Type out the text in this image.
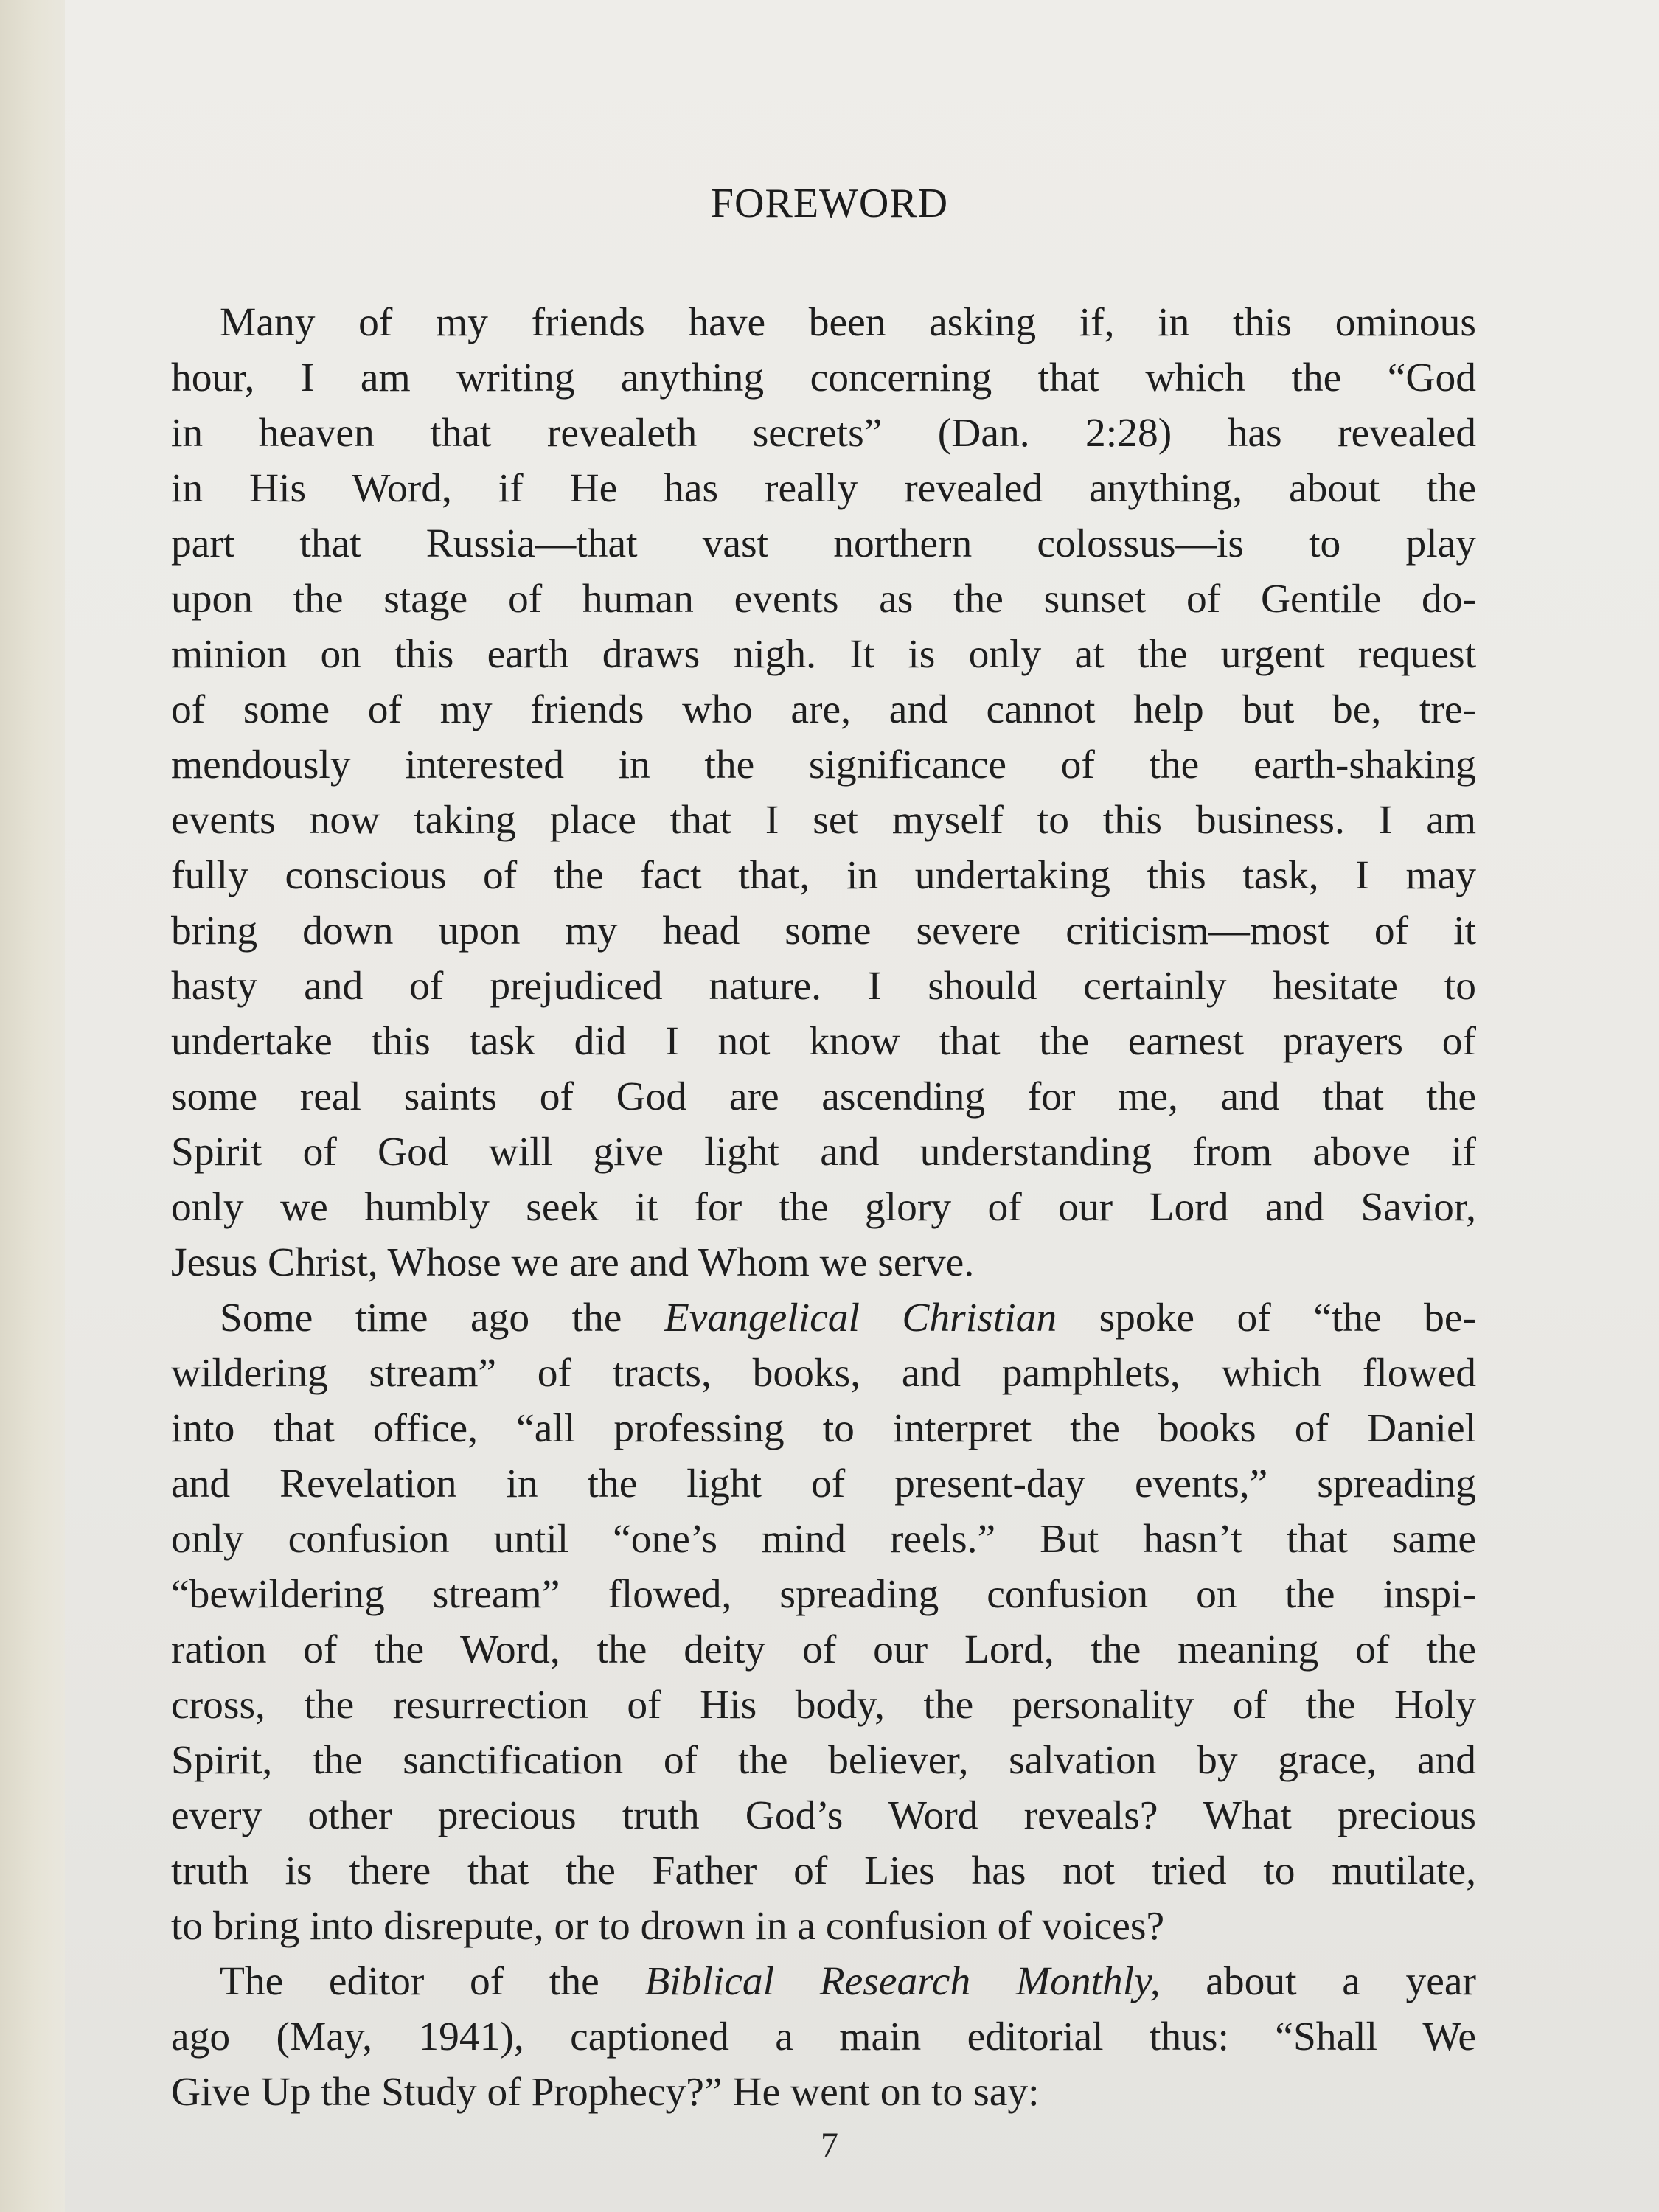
FOREWORD
Many of my friends have been asking if, in this ominous
hour, I am writing anything concerning that which the “God
in heaven that revealeth secrets” (Dan. 2:28) has revealed
in His Word, if He has really revealed anything, about the
part that Russia—that vast northern colossus—is to play
upon the stage of human events as the sunset of Gentile do-
minion on this earth draws nigh. It is only at the urgent request
of some of my friends who are, and cannot help but be, tre-
mendously interested in the significance of the earth-shaking
events now taking place that I set myself to this business. I am
fully conscious of the fact that, in undertaking this task, I may
bring down upon my head some severe criticism—most of it
hasty and of prejudiced nature. I should certainly hesitate to
undertake this task did I not know that the earnest prayers of
some real saints of God are ascending for me, and that the
Spirit of God will give light and understanding from above if
only we humbly seek it for the glory of our Lord and Savior,
Jesus Christ, Whose we are and Whom we serve.
Some time ago the Evangelical Christian spoke of “the be-
wildering stream” of tracts, books, and pamphlets, which flowed
into that office, “all professing to interpret the books of Daniel
and Revelation in the light of present-day events,” spreading
only confusion until “one’s mind reels.” But hasn’t that same
“bewildering stream” flowed, spreading confusion on the inspi-
ration of the Word, the deity of our Lord, the meaning of the
cross, the resurrection of His body, the personality of the Holy
Spirit, the sanctification of the believer, salvation by grace, and
every other precious truth God’s Word reveals? What precious
truth is there that the Father of Lies has not tried to mutilate,
to bring into disrepute, or to drown in a confusion of voices?
The editor of the Biblical Research Monthly, about a year
ago (May, 1941), captioned a main editorial thus: “Shall We
Give Up the Study of Prophecy?” He went on to say:
7
